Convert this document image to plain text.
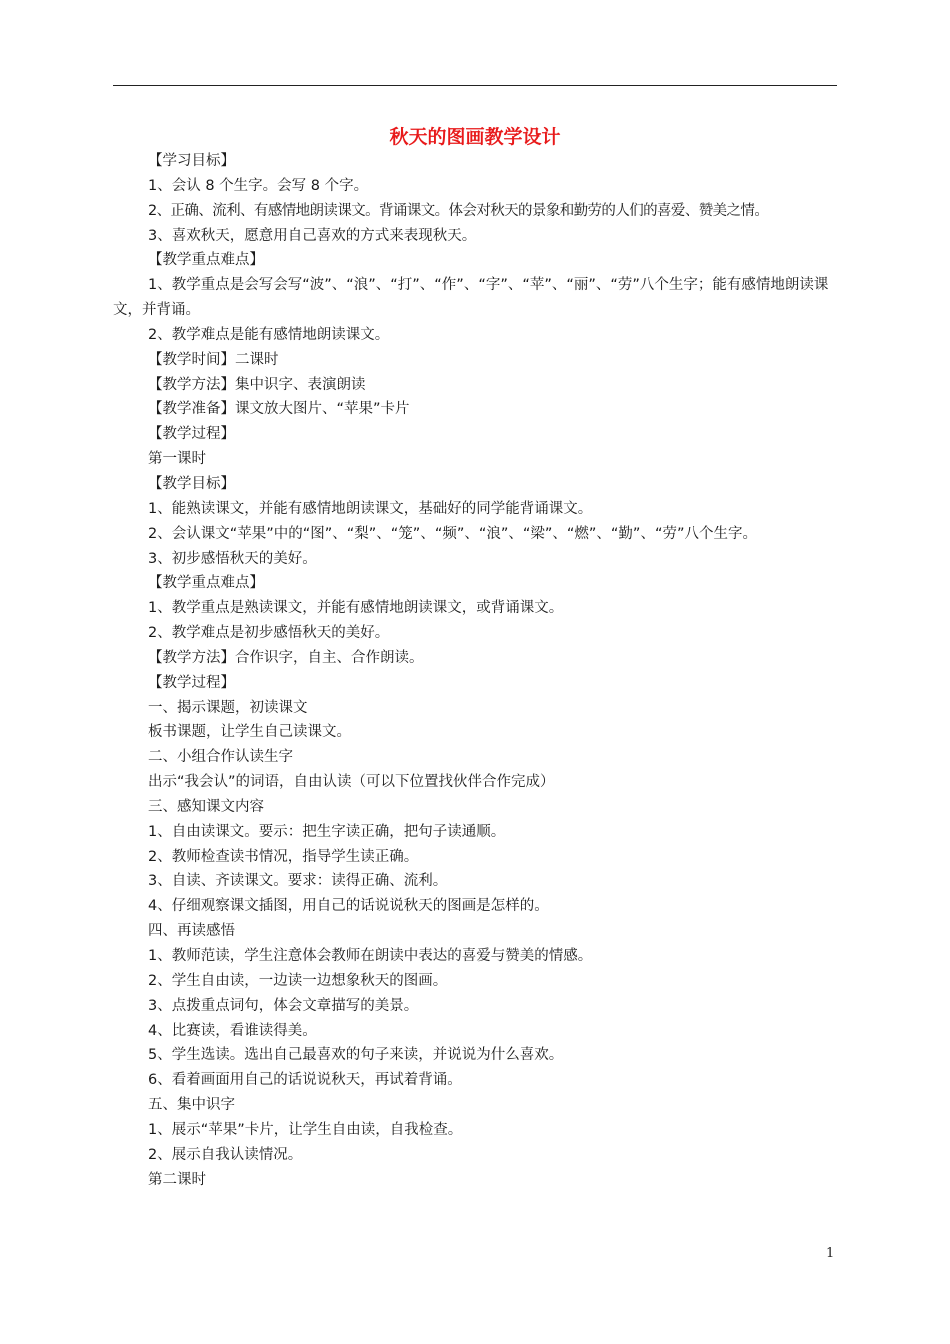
秋天的图画教学设计

【学习目标】

1、会认 8 个生字。会写 8 个字。

2、正确、流利、有感情地朗读课文。背诵课文。体会对秋天的景象和勤劳的人们的喜爱、赞美之情。

3、喜欢秋天，愿意用自己喜欢的方式来表现秋天。

【教学重点难点】

1、教学重点是会写会写“波”、“浪”、“打”、“作”、“字”、“苹”、“丽”、“劳”八个生字；能有感情地朗读课文，并背诵。

2、教学难点是能有感情地朗读课文。

【教学时间】二课时

【教学方法】集中识字、表演朗读

【教学准备】课文放大图片、“苹果”卡片

【教学过程】

第一课时

【教学目标】

1、能熟读课文，并能有感情地朗读课文，基础好的同学能背诵课文。

2、会认课文“苹果”中的“图”、“梨”、“笼”、“频”、“浪”、“梁”、“燃”、“勤”、“劳”八个生字。

3、初步感悟秋天的美好。

【教学重点难点】

1、教学重点是熟读课文，并能有感情地朗读课文，或背诵课文。

2、教学难点是初步感悟秋天的美好。

【教学方法】合作识字，自主、合作朗读。

【教学过程】

一、揭示课题，初读课文

板书课题，让学生自己读课文。

二、小组合作认读生字

出示“我会认”的词语，自由认读（可以下位置找伙伴合作完成）

三、感知课文内容

1、自由读课文。要示：把生字读正确，把句子读通顺。

2、教师检查读书情况，指导学生读正确。

3、自读、齐读课文。要求：读得正确、流利。

4、仔细观察课文插图，用自己的话说说秋天的图画是怎样的。

四、再读感悟

1、教师范读，学生注意体会教师在朗读中表达的喜爱与赞美的情感。

2、学生自由读，一边读一边想象秋天的图画。

3、点拨重点词句，体会文章描写的美景。

4、比赛读，看谁读得美。

5、学生选读。选出自己最喜欢的句子来读，并说说为什么喜欢。

6、看着画面用自己的话说说秋天，再试着背诵。

五、集中识字

1、展示“苹果”卡片，让学生自由读，自我检查。

2、展示自我认读情况。

第二课时

1
